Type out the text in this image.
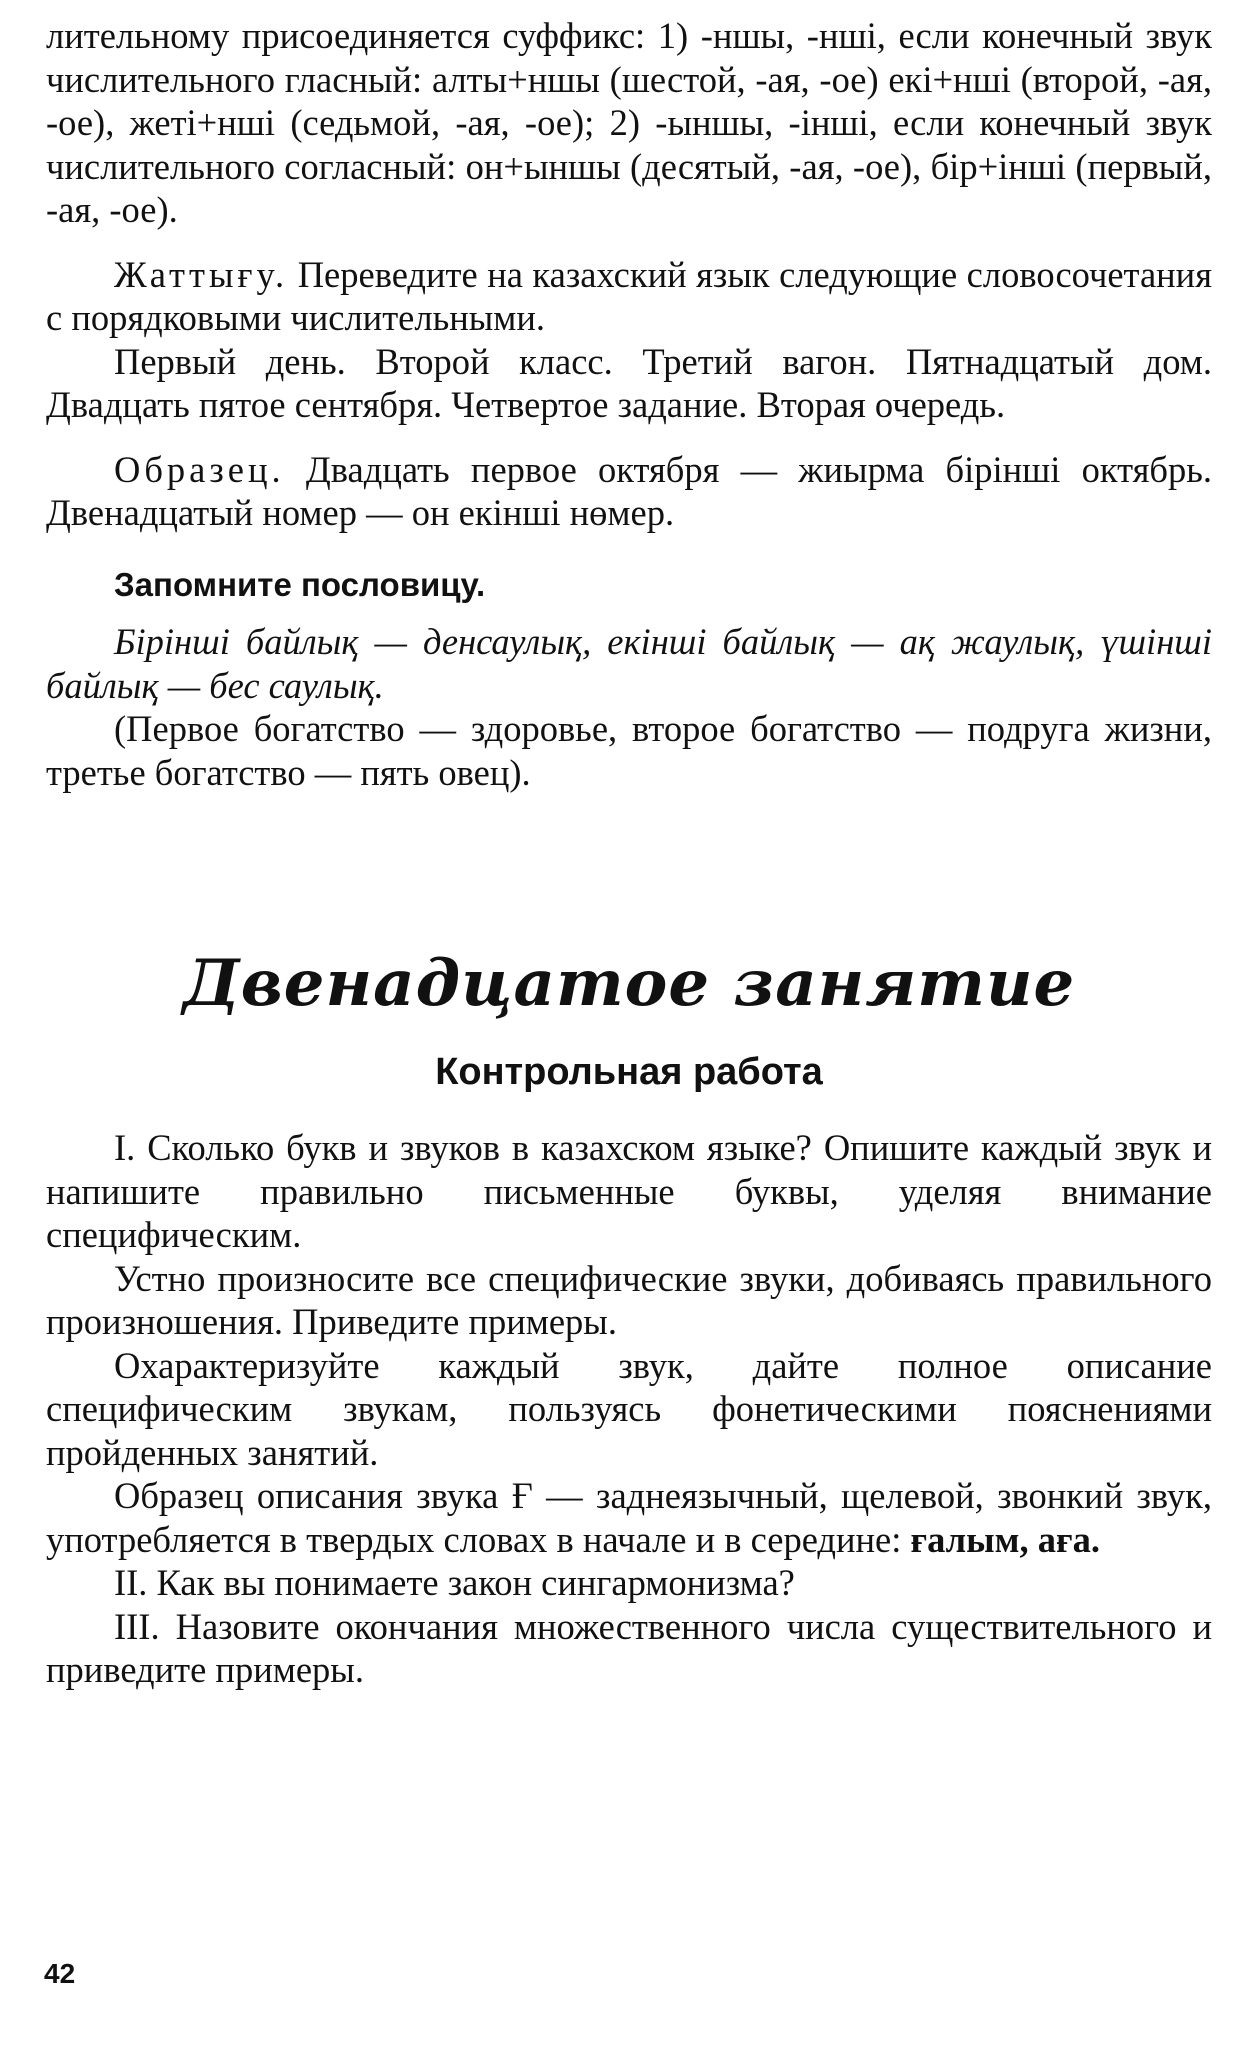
лительному присоединяется суффикс: 1) -ншы, -ншi, если конечный звук числительного гласный: алты+ншы (шестой, -ая, -ое) екi+ншi (второй, -ая, -ое), жетi+ншi (седьмой, -ая, -ое); 2) -ыншы, -iншi, если конечный звук числительного согласный: он+ыншы (десятый, -ая, -ое), бiр+iншi (первый, -ая, -ое).

Жаттығу. Переведите на казахский язык следующие словосочетания с порядковыми числительными.

Первый день. Второй класс. Третий вагон. Пятнадцатый дом. Двадцать пятое сентября. Четвертое задание. Вторая очередь.

Образец. Двадцать первое октября — жиырма бiрiншi октябрь. Двенадцатый номер — он екiншi нөмер.

Запомните пословицу.

Бiрiншi байлық — денсаулық, екiншi байлық — ақ жаулық, үшiншi байлық — бес саулық.

(Первое богатство — здоровье, второе богатство — подруга жизни, третье богатство — пять овец).

Двенадцатое занятие
Контрольная работа

I. Сколько букв и звуков в казахском языке? Опишите каждый звук и напишите правильно письменные буквы, уделяя внимание специфическим.

Устно произносите все специфические звуки, добиваясь правильного произношения. Приведите примеры.

Охарактеризуйте каждый звук, дайте полное описание специфическим звукам, пользуясь фонетическими пояснениями пройденных занятий.

Образец описания звука Ғ — заднеязычный, щелевой, звонкий звук, употребляется в твердых словах в начале и в середине: ғалым, аға.

II. Как вы понимаете закон сингармонизма?

III. Назовите окончания множественного числа существительного и приведите примеры.

42
